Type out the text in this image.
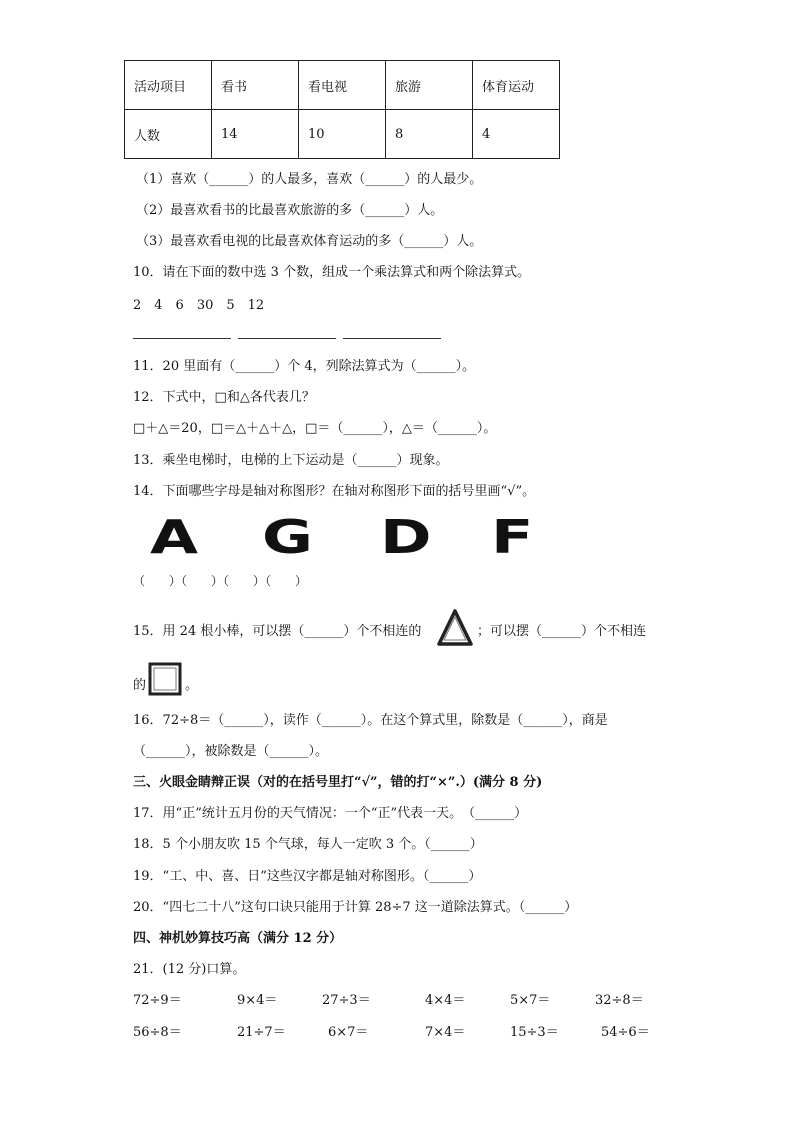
活动项目	看书	看电视	旅游	体育运动
人数	14	10	8	4
（1）喜欢（______）的人最多，喜欢（______）的人最少。
（2）最喜欢看书的比最喜欢旅游的多（______）人。
（3）最喜欢看电视的比最喜欢体育运动的多（______）人。
10．请在下面的数中选 3 个数，组成一个乘法算式和两个除法算式。
2　4　6　30　5　12
11．20 里面有（______）个 4，列除法算式为（______）。
12．下式中，□和△各代表几？
□＋△＝20，□＝△＋△＋△，□＝（______），△＝（______）。
13．乘坐电梯时，电梯的上下运动是（______）现象。
14．下面哪些字母是轴对称图形？在轴对称图形下面的括号里画“√”。
A G D F
（　　）（　　）（　　）（　　）
15．用 24 根小棒，可以摆（______）个不相连的	；可以摆（______）个不相连
的	。
16．72÷8＝（______），读作（______）。在这个算式里，除数是（______），商是
（______），被除数是（______）。
三、火眼金睛辩正误（对的在括号里打“√”，错的打“×”.）(满分 8 分)
17．用“正”统计五月份的天气情况：一个“正”代表一天。　（______）
18．5 个小朋友吹 15 个气球，每人一定吹 3 个。（______）
19．“工、中、喜、日”这些汉字都是轴对称图形。（______）
20．“四七二十八”这句口诀只能用于计算 28÷7 这一道除法算式。（______）
四、神机妙算技巧高（满分 12 分）
21．(12 分)口算。
72÷9＝	9×4＝	27÷3＝	4×4＝	5×7＝	32÷8＝
56÷8＝	21÷7＝	6×7＝	7×4＝	15÷3＝	54÷6＝
